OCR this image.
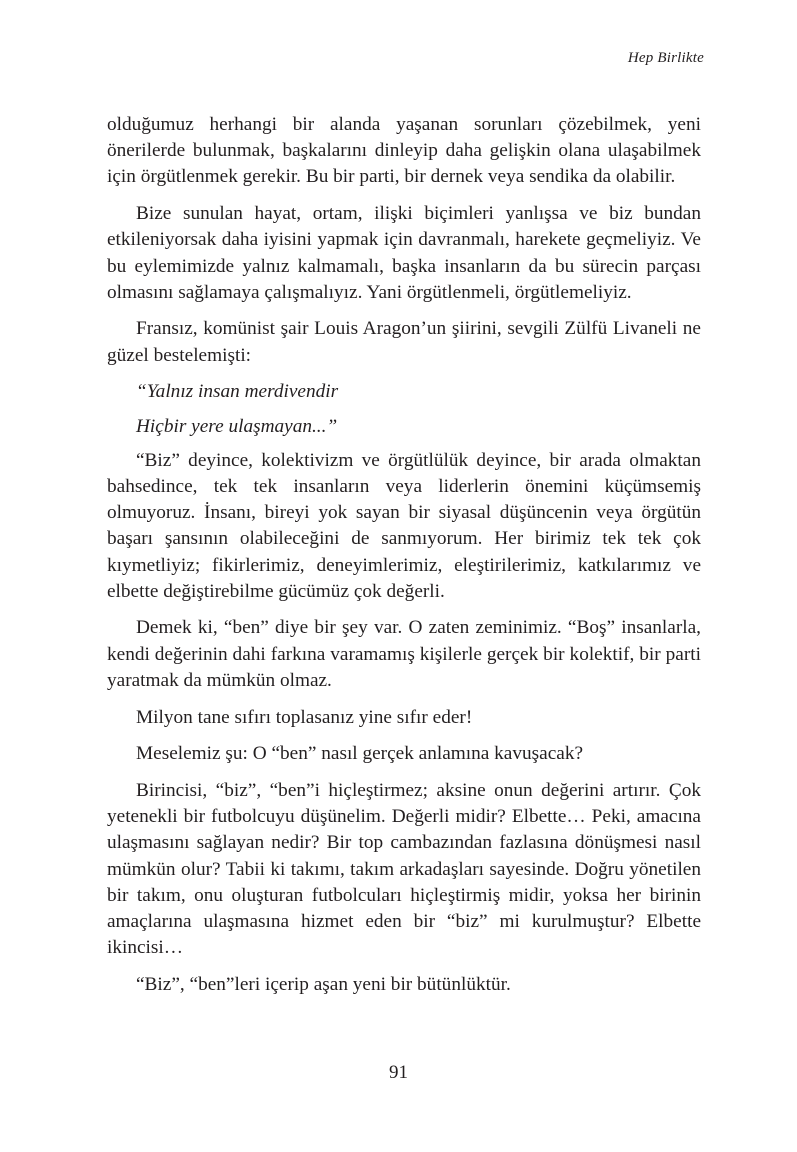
Hep Birlikte

olduğumuz herhangi bir alanda yaşanan sorunları çözebilmek, yeni önerilerde bulunmak, başkalarını dinleyip daha gelişkin olana ulaşabilmek için örgütlenmek gerekir. Bu bir parti, bir dernek veya sendika da olabilir.

Bize sunulan hayat, ortam, ilişki biçimleri yanlışsa ve biz bundan etkileniyorsak daha iyisini yapmak için davranmalı, harekete geçmeliyiz. Ve bu eylemimizde yalnız kalmamalı, başka insanların da bu sürecin parçası olmasını sağlamaya çalışmalıyız. Yani örgütlenmeli, örgütlemeliyiz.

Fransız, komünist şair Louis Aragon’un şiirini, sevgili Zülfü Livaneli ne güzel bestelemişti:

“Yalnız insan merdivendir

Hiçbir yere ulaşmayan...”

“Biz” deyince, kolektivizm ve örgütlülük deyince, bir arada olmaktan bahsedince, tek tek insanların veya liderlerin önemini küçümsemiş olmuyoruz. İnsanı, bireyi yok sayan bir siyasal düşüncenin veya örgütün başarı şansının olabileceğini de sanmıyorum. Her birimiz tek tek çok kıymetliyiz; fikirlerimiz, deneyimlerimiz, eleştirilerimiz, katkılarımız ve elbette değiştirebilme gücümüz çok değerli.

Demek ki, “ben” diye bir şey var. O zaten zeminimiz. “Boş” insanlarla, kendi değerinin dahi farkına varamamış kişilerle gerçek bir kolektif, bir parti yaratmak da mümkün olmaz.

Milyon tane sıfırı toplasanız yine sıfır eder!

Meselemiz şu: O “ben” nasıl gerçek anlamına kavuşacak?

Birincisi, “biz”, “ben”i hiçleştirmez; aksine onun değerini artırır. Çok yetenekli bir futbolcuyu düşünelim. Değerli midir? Elbette… Peki, amacına ulaşmasını sağlayan nedir? Bir top cambazından fazlasına dönüşmesi nasıl mümkün olur? Tabii ki takımı, takım arkadaşları sayesinde. Doğru yönetilen bir takım, onu oluşturan futbolcuları hiçleştirmiş midir, yoksa her birinin amaçlarına ulaşmasına hizmet eden bir “biz” mi kurulmuştur? Elbette ikincisi…

“Biz”, “ben”leri içerip aşan yeni bir bütünlüktür.

91
